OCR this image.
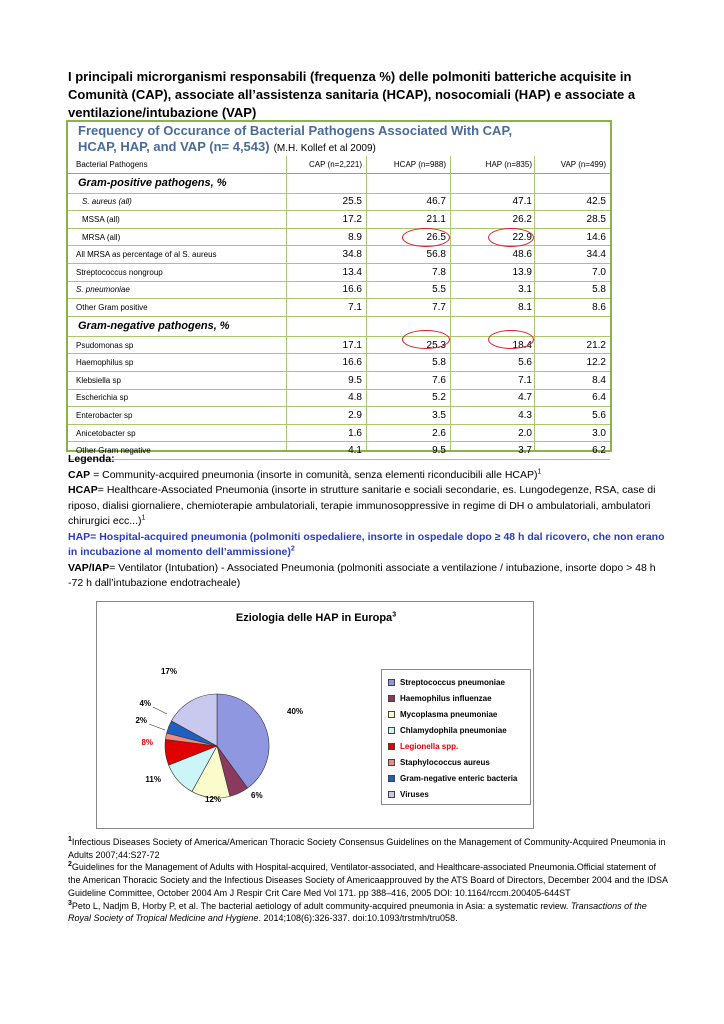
I principali microrganismi responsabili (frequenza %) delle polmoniti batteriche acquisite in Comunità (CAP), associate all’assistenza sanitaria (HCAP), nosocomiali (HAP) e associate a ventilazione/intubazione (VAP)
Frequency of Occurance of Bacterial Pathogens Associated With CAP,
HCAP, HAP, and VAP (n= 4,543) (M.H. Kollef et al 2009)
Bacterial Pathogens	CAP (n=2,221)	HCAP (n=988)	HAP (n=835)	VAP (n=499)
Gram-positive pathogens, %
S. aureus (all)	25.5	46.7	47.1	42.5
MSSA (all)	17.2	21.1	26.2	28.5
MRSA (all)	8.9	26.5	22.9	14.6
All MRSA as percentage of al S. aureus	34.8	56.8	48.6	34.4
Streptococcus nongroup	13.4	7.8	13.9	7.0
S. pneumoniae	16.6	5.5	3.1	5.8
Other Gram positive	7.1	7.7	8.1	8.6
Gram-negative pathogens, %
Psudomonas sp	17.1	25.3	18.4	21.2
Haemophilus sp	16.6	5.8	5.6	12.2
Klebsiella sp	9.5	7.6	7.1	8.4
Escherichia sp	4.8	5.2	4.7	6.4
Enterobacter sp	2.9	3.5	4.3	5.6
Anicetobacter sp	1.6	2.6	2.0	3.0
Other Gram negative	4.1	9.5	3.7	6.2

Legenda:

CAP = Community-acquired pneumonia (insorte in comunità, senza elementi riconducibili alle HCAP)$^1$

HCAP= Healthcare-Associated Pneumonia (insorte in strutture sanitarie e sociali secondarie, es. Lungodegenze, RSA, case di riposo, dialisi giornaliere, chemioterapie ambulatoriali, terapie immunosoppressive in regime di DH o ambulatoriali, ambulatori chirurgici ecc...)$^1$

HAP= Hospital-acquired pneumonia (polmoniti ospedaliere, insorte in ospedale dopo ≥ 48 h dal ricovero, che non erano in incubazione al momento dell’ammissione)$^2$

VAP/IAP= Ventilator (Intubation) - Associated Pneumonia (polmoniti associate a ventilazione / intubazione, insorte dopo > 48 h -72 h dall’intubazione endotracheale)

Eziologia delle HAP in Europa$^3$
40%
6%
12%
11%
8%
2%
4%
17%
Streptococcus pneumoniae
Haemophilus influenzae
Mycoplasma pneumoniae
Chlamydophila pneumoniae
Legionella spp.
Staphylococcus aureus
Gram-negative enteric bacteria
Viruses

$^1$Infectious Diseases Society of America/American Thoracic Society Consensus Guidelines on the Management of Community-Acquired Pneumonia in Adults 2007;44:S27-72

$^2$Guidelines for the Management of Adults with Hospital-acquired, Ventilator-associated, and Healthcare-associated Pneumonia.Official statement of the American Thoracic Society and the Infectious Diseases Society of Americaapprouved by the ATS Board of Directors, December 2004 and the IDSA Guideline Committee, October 2004 Am J Respir Crit Care Med Vol 171. pp 388–416, 2005 DOI: 10.1164/rccm.200405-644ST

$^3$Peto L, Nadjm B, Horby P, et al. The bacterial aetiology of adult community-acquired pneumonia in Asia: a systematic review. Transactions of the Royal Society of Tropical Medicine and Hygiene. 2014;108(6):326-337. doi:10.1093/trstmh/tru058.
